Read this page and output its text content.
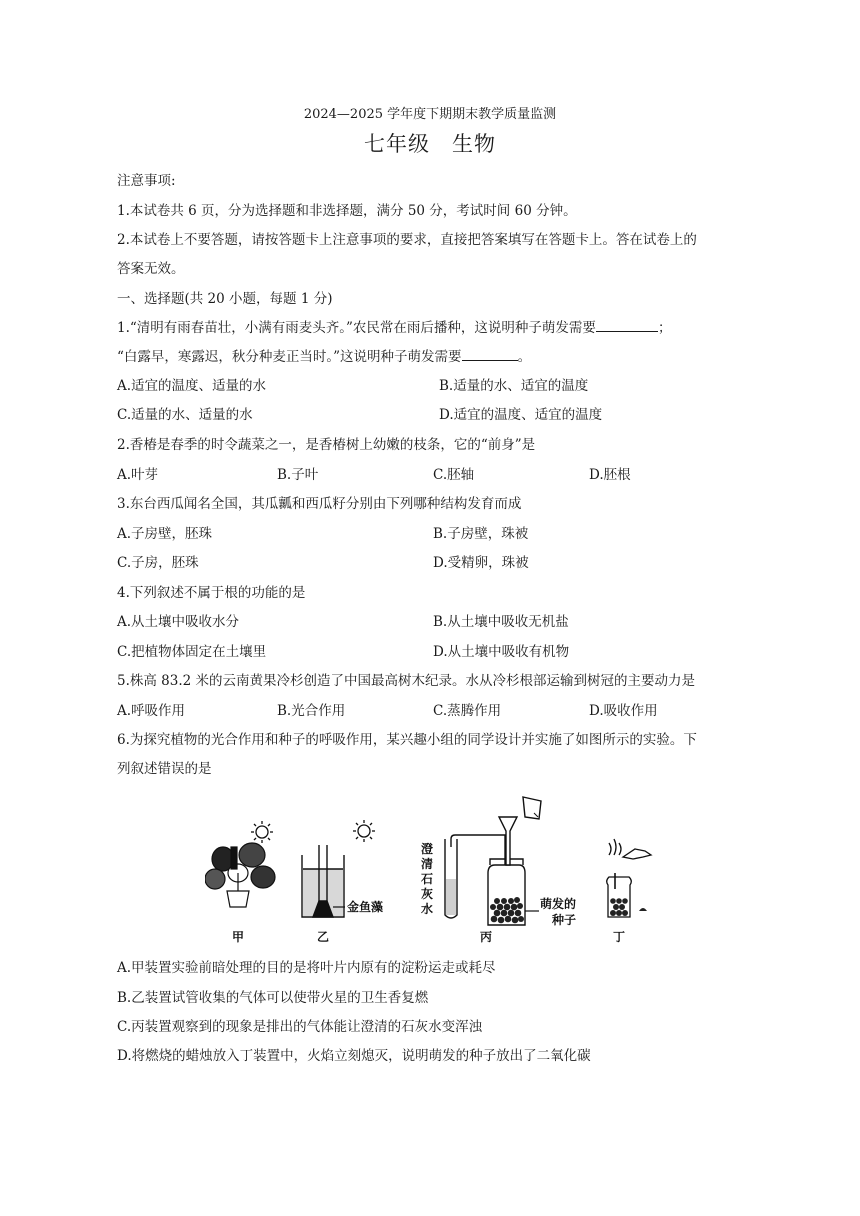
2024—2025 学年度下期期末教学质量监测
七年级　生物
注意事项:
1.本试卷共 6 页，分为选择题和非选择题，满分 50 分，考试时间 60 分钟。
2.本试卷上不要答题，请按答题卡上注意事项的要求，直接把答案填写在答题卡上。答在试卷上的
答案无效。
一、选择题(共 20 小题，每题 1 分)
1.“清明有雨春苗壮，小满有雨麦头齐。”农民常在雨后播种，这说明种子萌发需要	；
“白露早，寒露迟，秋分种麦正当时。”这说明种子萌发需要	。
A.适宜的温度、适量的水	B.适量的水、适宜的温度
C.适量的水、适量的水	D.适宜的温度、适宜的温度
2.香椿是春季的时令蔬菜之一，是香椿树上幼嫩的枝条，它的“前身”是
A.叶芽	B.子叶	C.胚轴	D.胚根
3.东台西瓜闻名全国，其瓜瓤和西瓜籽分别由下列哪种结构发育而成
A.子房壁，胚珠	B.子房壁，珠被
C.子房，胚珠	D.受精卵，珠被
4.下列叙述不属于根的功能的是
A.从土壤中吸收水分	B.从土壤中吸收无机盐
C.把植物体固定在土壤里	D.从土壤中吸收有机物
5.株高 83.2 米的云南黄果冷杉创造了中国最高树木纪录。水从冷杉根部运输到树冠的主要动力是
A.呼吸作用	B.光合作用	C.蒸腾作用	D.吸收作用
6.为探究植物的光合作用和种子的呼吸作用，某兴趣小组的同学设计并实施了如图所示的实验。下
列叙述错误的是
甲
金鱼藻
乙
澄
清
石
灰
水	萌发的
种子
丙	丁
A.甲装置实验前暗处理的目的是将叶片内原有的淀粉运走或耗尽
B.乙装置试管收集的气体可以使带火星的卫生香复燃
C.丙装置观察到的现象是排出的气体能让澄清的石灰水变浑浊
D.将燃烧的蜡烛放入丁装置中，火焰立刻熄灭，说明萌发的种子放出了二氧化碳
